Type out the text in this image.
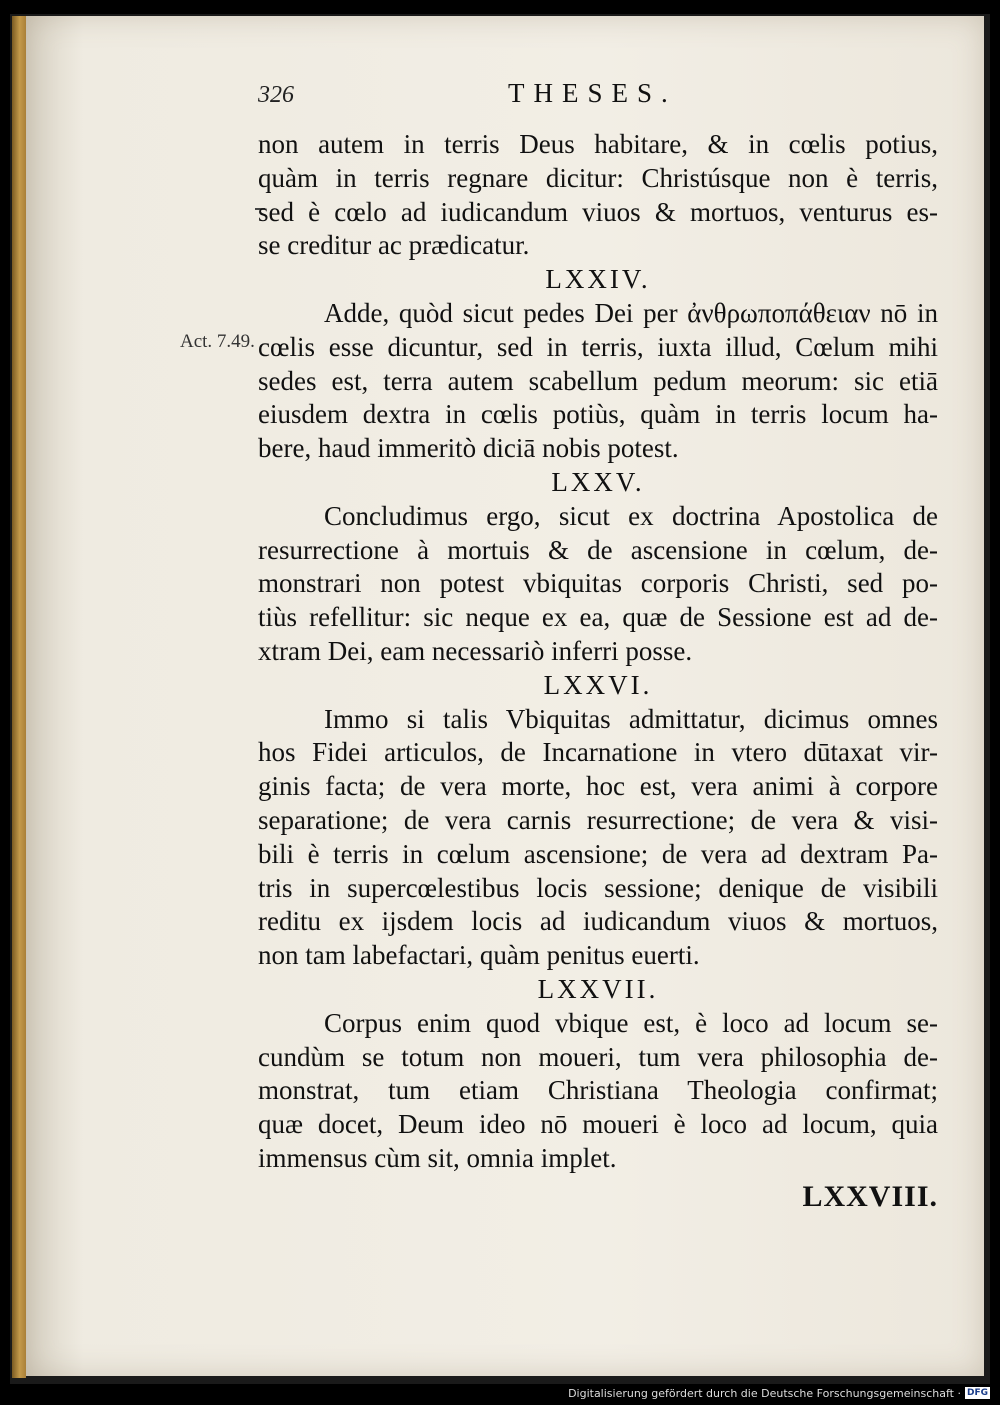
326	THESES.
Act. 7.49.
non autem in terris Deus habitare, & in cœlis potius,
quàm in terris regnare dicitur: Christúsque non è terris,
sed è cœlo ad iudicandum viuos & mortuos, venturus es-
se creditur ac prædicatur.
LXXIV.
Adde, quòd sicut pedes Dei per ἀνθρωποπάθειαν nō in
cœlis esse dicuntur, sed in terris, iuxta illud, Cœlum mihi
sedes est, terra autem scabellum pedum meorum: sic etiā
eiusdem dextra in cœlis potiùs, quàm in terris locum ha-
bere, haud immeritò diciā nobis potest.
LXXV.
Concludimus ergo, sicut ex doctrina Apostolica de
resurrectione à mortuis & de ascensione in cœlum, de-
monstrari non potest vbiquitas corporis Christi, sed po-
tiùs refellitur: sic neque ex ea, quæ de Sessione est ad de-
xtram Dei, eam necessariò inferri posse.
LXXVI.
Immo si talis Vbiquitas admittatur, dicimus omnes
hos Fidei articulos, de Incarnatione in vtero dūtaxat vir-
ginis facta; de vera morte, hoc est, vera animi à corpore
separatione; de vera carnis resurrectione; de vera & visi-
bili è terris in cœlum ascensione; de vera ad dextram Pa-
tris in supercœlestibus locis sessione; denique de visibili
reditu ex ijsdem locis ad iudicandum viuos & mortuos,
non tam labefactari, quàm penitus euerti.
LXXVII.
Corpus enim quod vbique est, è loco ad locum se-
cundùm se totum non moueri, tum vera philosophia de-
monstrat, tum etiam Christiana Theologia confirmat;
quæ docet, Deum ideo nō moueri è loco ad locum, quia
immensus cùm sit, omnia implet.
LXXVIII.
Digitalisierung gefördert durch die Deutsche Forschungsgemeinschaft · DFG
